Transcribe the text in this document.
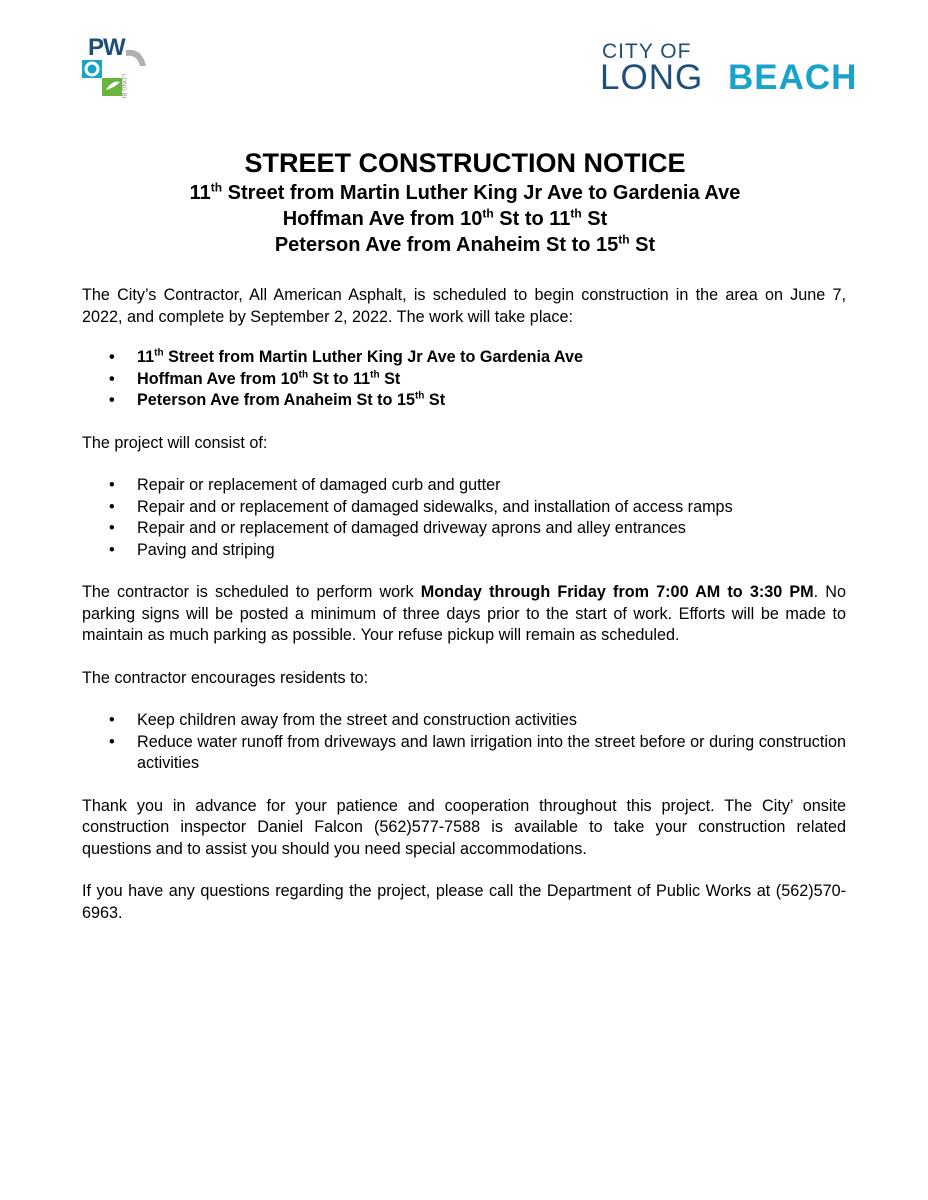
LONG BEACH
PW	CITY OF
LONG BEACH

STREET CONSTRUCTION NOTICE

11th Street from Martin Luther King Jr Ave to Gardenia Ave

Hoffman Ave from 10th St to 11th St

Peterson Ave from Anaheim St to 15th St

The City’s Contractor, All American Asphalt, is scheduled to begin construction in the area on June 7, 2022, and complete by September 2, 2022. The work will take place:

• 11th Street from Martin Luther King Jr Ave to Gardenia Ave
• Hoffman Ave from 10th St to 11th St
• Peterson Ave from Anaheim St to 15th St

The project will consist of:

• Repair or replacement of damaged curb and gutter
• Repair and or replacement of damaged sidewalks, and installation of access ramps
• Repair and or replacement of damaged driveway aprons and alley entrances
• Paving and striping

The contractor is scheduled to perform work Monday through Friday from 7:00 AM to 3:30 PM. No parking signs will be posted a minimum of three days prior to the start of work. Efforts will be made to maintain as much parking as possible. Your refuse pickup will remain as scheduled.

The contractor encourages residents to:

• Keep children away from the street and construction activities
• Reduce water runoff from driveways and lawn irrigation into the street before or during construction activities

Thank you in advance for your patience and cooperation throughout this project. The City’ onsite construction inspector Daniel Falcon (562)577-7588 is available to take your construction related questions and to assist you should you need special accommodations.

If you have any questions regarding the project, please call the Department of Public Works at (562)570-6963.
